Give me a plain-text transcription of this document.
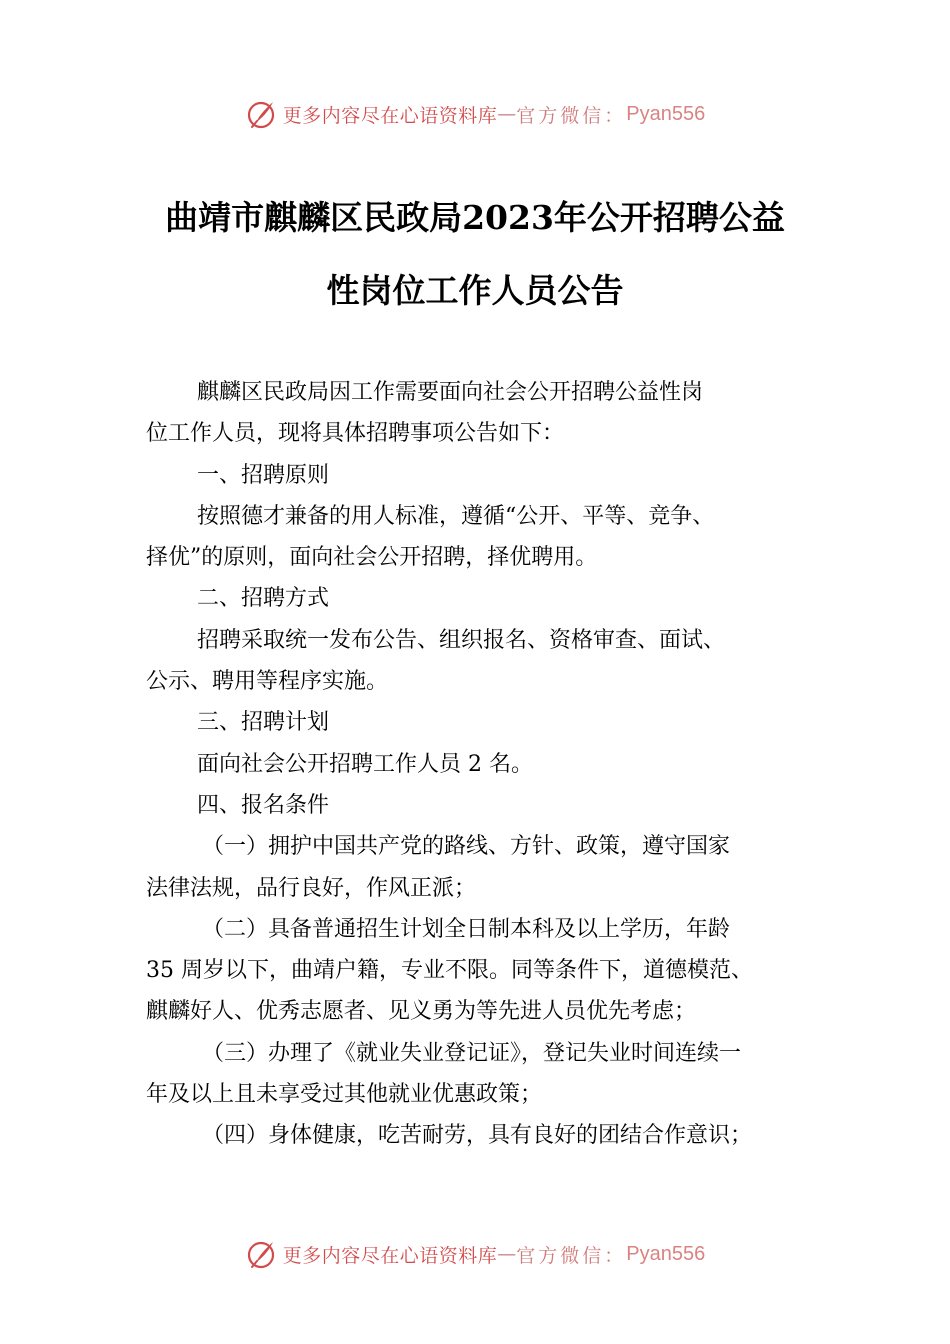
更多内容尽在心语资料库 — 官方微信： Pyan556
曲靖市麒麟区民政局2023年公开招聘公益
性岗位工作人员公告
麒麟区民政局因工作需要面向社会公开招聘公益性岗
位工作人员，现将具体招聘事项公告如下：
一、招聘原则
按照德才兼备的用人标准，遵循“公开、平等、竞争、
择优”的原则，面向社会公开招聘，择优聘用。
二、招聘方式
招聘采取统一发布公告、组织报名、资格审查、面试、
公示、聘用等程序实施。
三、招聘计划
面向社会公开招聘工作人员 2 名。
四、报名条件
（一）拥护中国共产党的路线、方针、政策，遵守国家
法律法规，品行良好，作风正派；
（二）具备普通招生计划全日制本科及以上学历，年龄
35 周岁以下，曲靖户籍，专业不限。同等条件下，道德模范、
麒麟好人、优秀志愿者、见义勇为等先进人员优先考虑；
（三）办理了《就业失业登记证》，登记失业时间连续一
年及以上且未享受过其他就业优惠政策；
（四）身体健康，吃苦耐劳，具有良好的团结合作意识；
更多内容尽在心语资料库 — 官方微信： Pyan556
